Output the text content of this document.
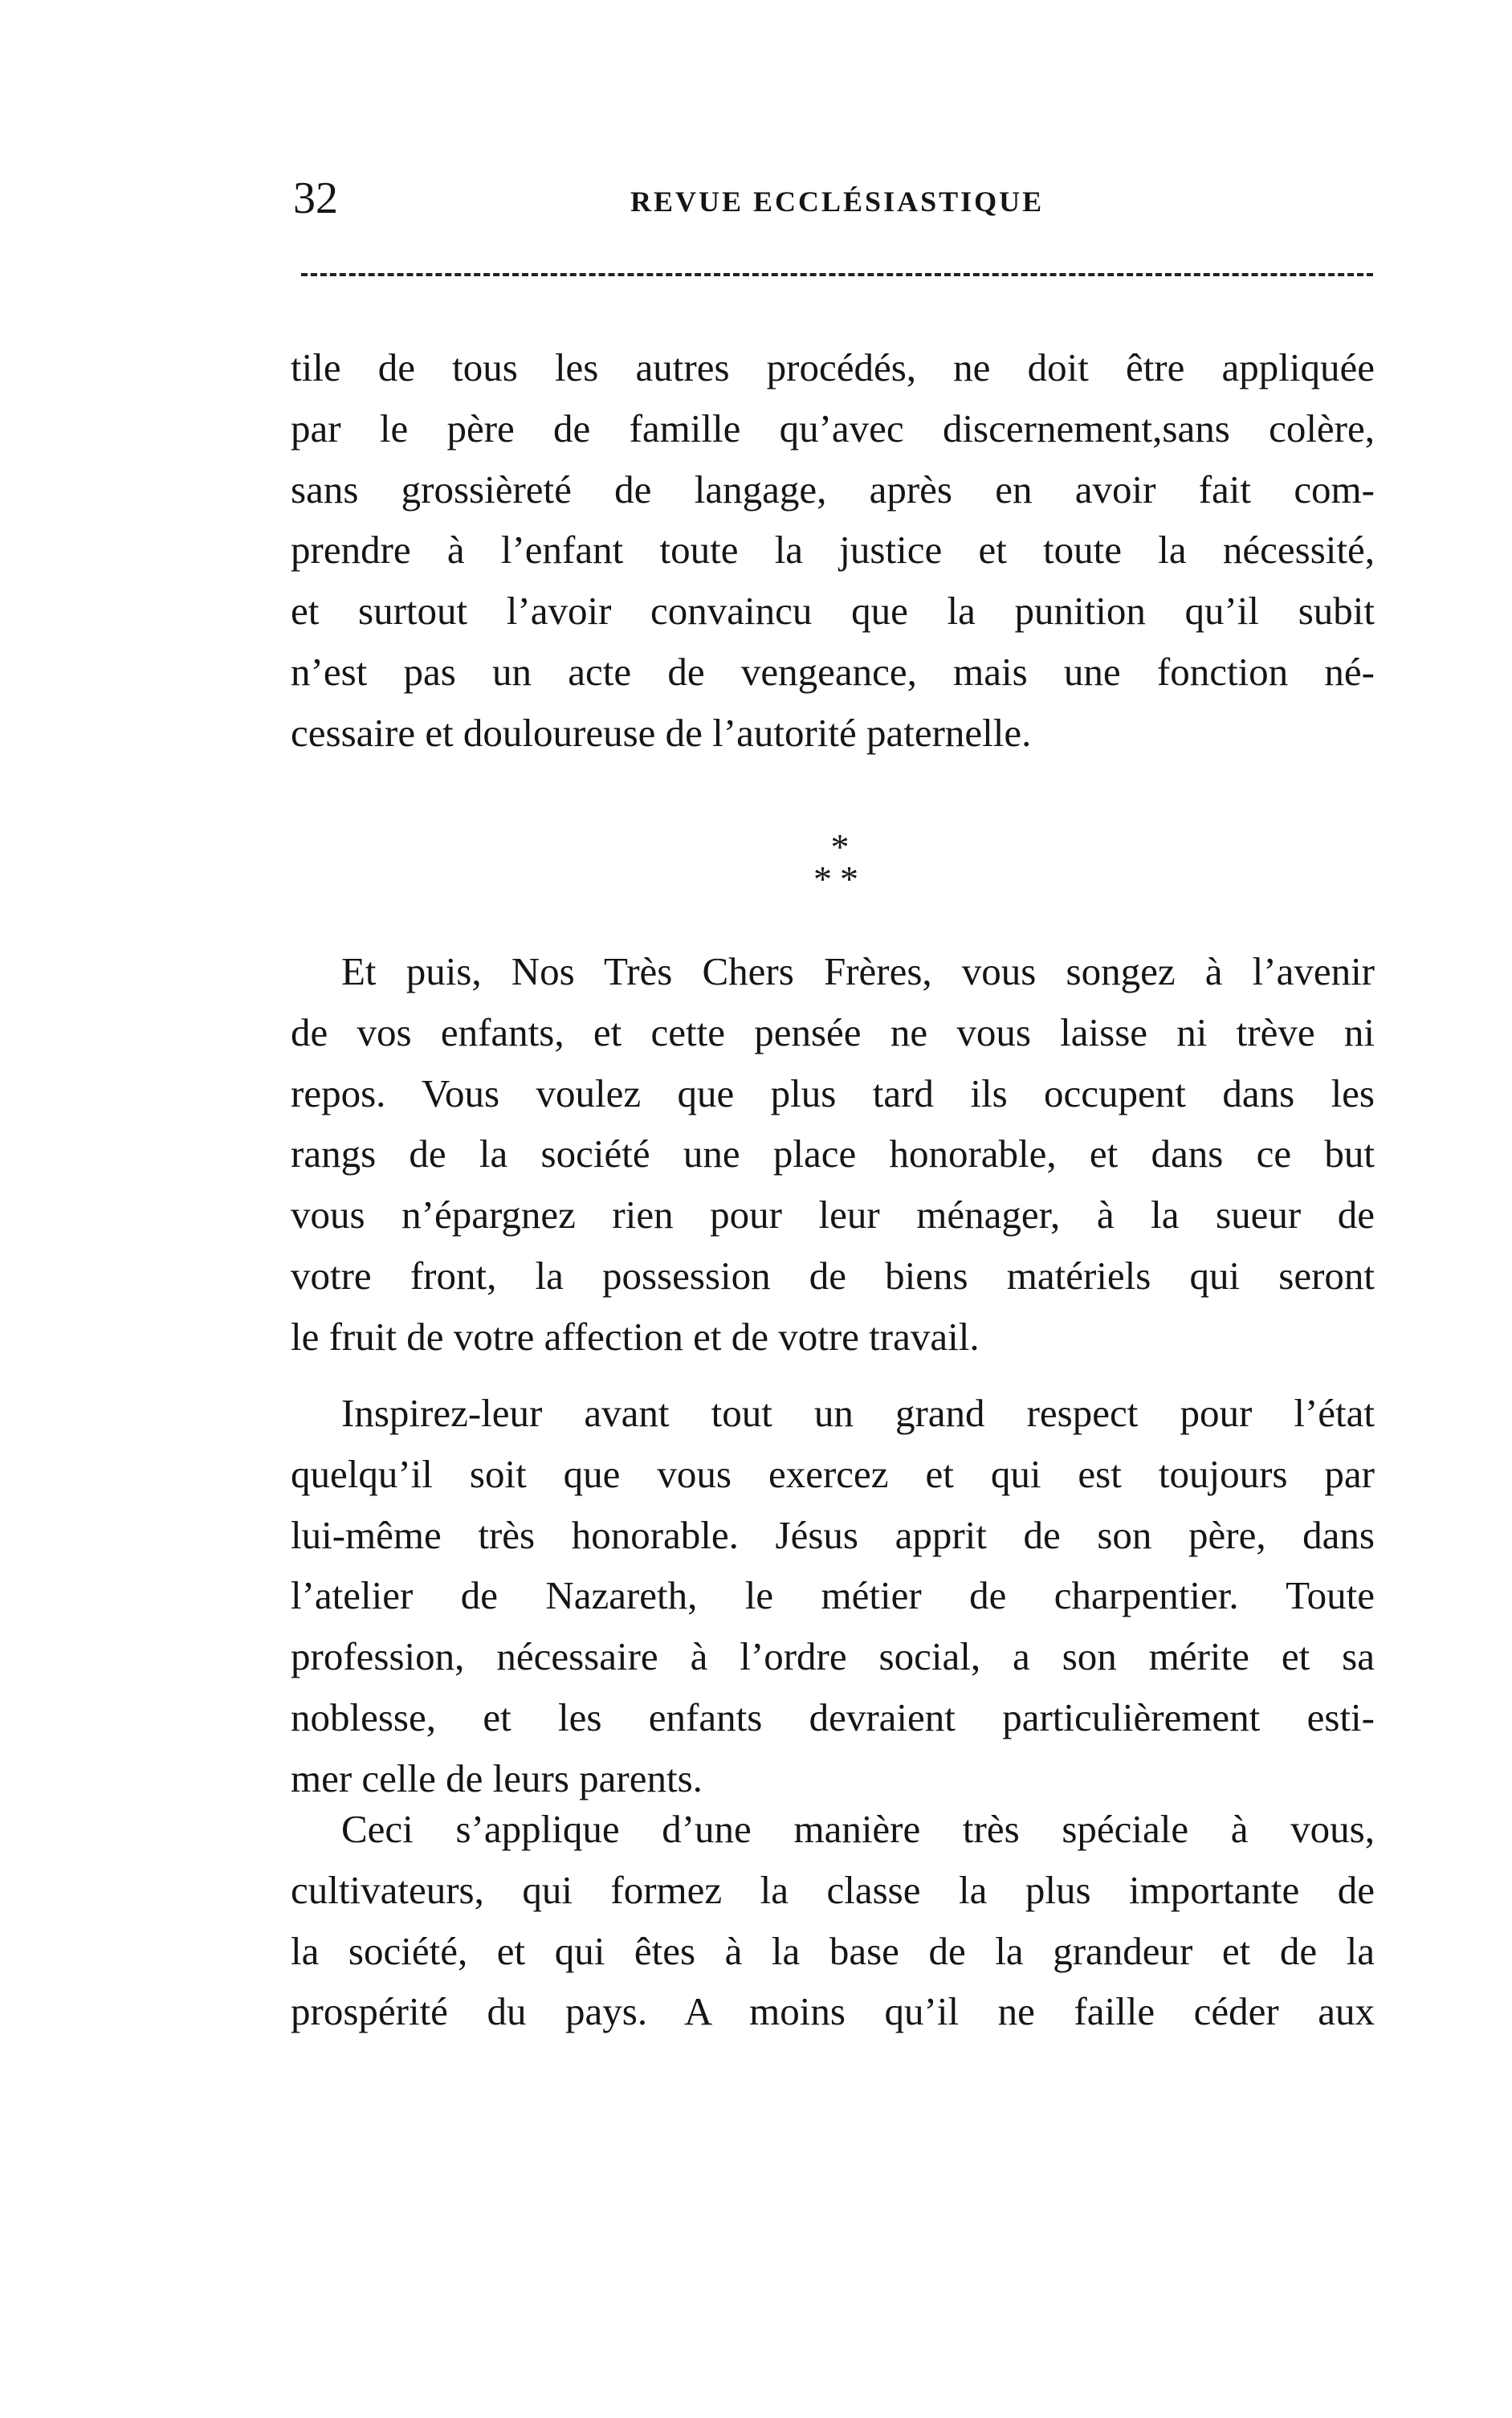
32	REVUE ECCLÉSIASTIQUE
tile de tous les autres procédés, ne doit être appliquée
par le père de famille qu’avec discernement,sans colère,
sans grossièreté de langage, après en avoir fait com-
prendre à l’enfant toute la justice et toute la nécessité,
et surtout l’avoir convaincu que la punition qu’il subit
n’est pas un acte de vengeance, mais une fonction né-
cessaire et douloureuse de l’autorité paternelle.
*
**
Et puis, Nos Très Chers Frères, vous songez à l’avenir
de vos enfants, et cette pensée ne vous laisse ni trève ni
repos. Vous voulez que plus tard ils occupent dans les
rangs de la société une place honorable, et dans ce but
vous n’épargnez rien pour leur ménager, à la sueur de
votre front, la possession de biens matériels qui seront
le fruit de votre affection et de votre travail.
Inspirez-leur avant tout un grand respect pour l’état
quelqu’il soit que vous exercez et qui est toujours par
lui-même très honorable. Jésus apprit de son père, dans
l’atelier de Nazareth, le métier de charpentier. Toute
profession, nécessaire à l’ordre social, a son mérite et sa
noblesse, et les enfants devraient particulièrement esti-
mer celle de leurs parents.
Ceci s’applique d’une manière très spéciale à vous,
cultivateurs, qui formez la classe la plus importante de
la société, et qui êtes à la base de la grandeur et de la
prospérité du pays. A moins qu’il ne faille céder aux
